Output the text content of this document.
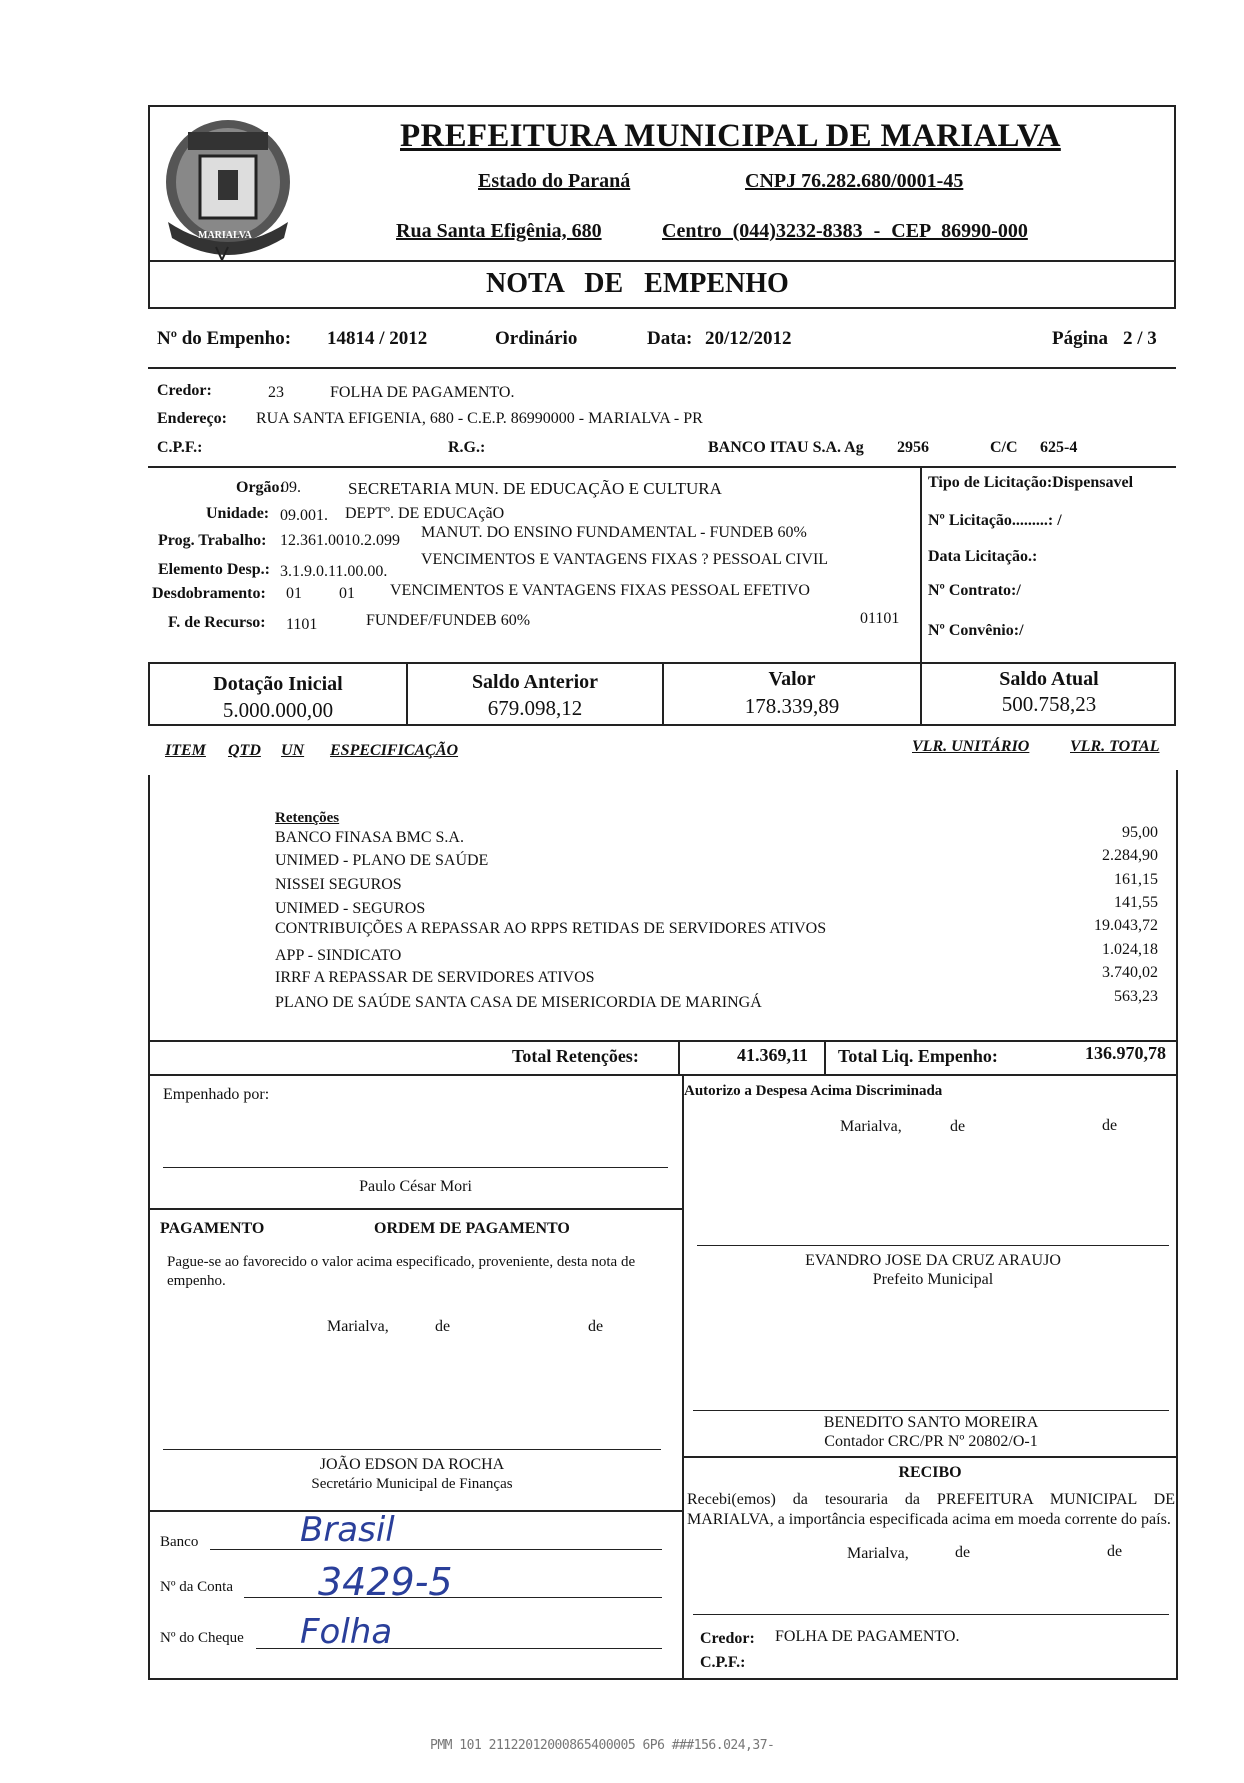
MARIALVA
PREFEITURA MUNICIPAL DE MARIALVA
Estado do Paraná	CNPJ 76.282.680/0001-45
Rua Santa Efigênia, 680	Centro (044)3232-8383 - CEP 86990-000
NOTA DE EMPENHO
Nº do Empenho: 14814 / 2012	Ordinário	Data: 20/12/2012	Página 2 / 3
Credor:	23	FOLHA DE PAGAMENTO.
Endereço: RUA SANTA EFIGENIA, 680 - C.E.P. 86990000 - MARIALVA - PR
C.P.F.:	R.G.:	BANCO ITAU S.A. Ag 2956	C/C 625-4
Orgão:
09.	SECRETARIA MUN. DE EDUCAÇÃO E CULTURA
Unidade: 09.001. DEPTº. DE EDUCAçãO
Prog. Trabalho: 12.361.0010.2.099 MANUT. DO ENSINO FUNDAMENTAL - FUNDEB 60%
Elemento Desp.: 3.1.9.0.11.00.00.
VENCIMENTOS E VANTAGENS FIXAS ? PESSOAL CIVIL
Desdobramento: 01 01 VENCIMENTOS E VANTAGENS FIXAS PESSOAL EFETIVO
F. de Recurso: 1101	FUNDEF/FUNDEB 60%	01101
Tipo de Licitação:Dispensavel
Nº Licitação.........: /
Data Licitação.:
Nº Contrato:/
Nº Convênio:/
Dotação Inicial
5.000.000,00
Saldo Anterior
679.098,12
Valor
178.339,89
Saldo Atual
500.758,23
ITEM QTD UN ESPECIFICAÇÃO	VLR. UNITÁRIO	VLR. TOTAL
Retenções
BANCO FINASA BMC S.A.	95,00
UNIMED - PLANO DE SAÚDE	2.284,90
NISSEI SEGUROS	161,15
UNIMED - SEGUROS	141,55
CONTRIBUIÇÕES A REPASSAR AO RPPS RETIDAS DE SERVIDORES ATIVOS	19.043,72
APP - SINDICATO	1.024,18
IRRF A REPASSAR DE SERVIDORES ATIVOS	3.740,02
PLANO DE SAÚDE SANTA CASA DE MISERICORDIA DE MARINGÁ	563,23
Total Retenções:	41.369,11 Total Liq. Empenho:	136.970,78
Empenhado por:
Paulo César Mori
PAGAMENTO	ORDEM DE PAGAMENTO
Pague-se ao favorecido o valor acima especificado, proveniente, desta nota de empenho.
Marialva,	de	de
JOÃO EDSON DA ROCHA
Secretário Municipal de Finanças
Banco	Brasil
Nº da Conta 3429-5
Nº do Cheque Folha
Autorizo a Despesa Acima Discriminada
Marialva,	de	de
EVANDRO JOSE DA CRUZ ARAUJO
Prefeito Municipal
BENEDITO SANTO MOREIRA
Contador CRC/PR Nº 20802/O-1
RECIBO
Recebi(emos) da tesouraria da PREFEITURA MUNICIPAL DE MARIALVA, a importância especificada acima em moeda corrente do país.
Marialva,	de	de
Credor: FOLHA DE PAGAMENTO.
C.P.F.:
PMM 101 21122012000865400005 6P6 ###156.024,37-
